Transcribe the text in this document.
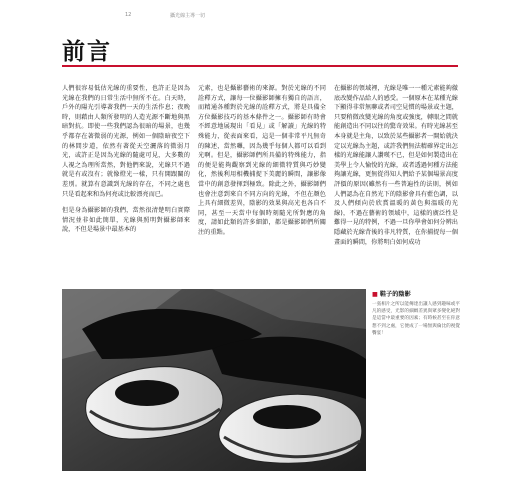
12	攝光線主導一切
前言

人們很容易低估光線的重要性，也許正是因為光線在我們的日常生活中無所不在。白天時，戶外的陽光引導著我們一天的生活作息；夜晚時，則藉由人類所發明的人造光源不斷地與黑暗對抗。即使一些我們認為很暗的場景，也幾乎都存在著微弱的光源，例如一個陰暗夜空下的林間步道，依然有著從天空灑落的微弱月光，或許正是因為光線的隨處可見，大多數的人視之為理所當然，對他們來說，光線只不過就是有或沒有；就像燈光一樣，只有開跟關的差別。就算有意識到光線的存在，不同之處也只是看起來和為何亮或比較漂亮而已。

但是身為攝影師的我們，當然很清楚明白實際情況並非如此簡單，光線與照明對攝影師來說，不但是場景中最基本的

元素，也是攝影藝術的來源。對於光線的不同詮釋方式，讓每一位攝影師擁有獨自的語言，而精通各種對於光線的詮釋方式，將是具備全方位攝影技巧的基本條件之一。攝影師有時會不經意地展現出「看見」或「解讀」光線的特殊能力，從表面來看，這是一個非常平凡無奇的陳述，當然囉，因為幾乎每個人都可以看到光啊。但是，攝影師們所具備的特殊能力，指的便是能夠觀察到光線的細微特質與巧妙變化，然後利用相機捕捉下美麗的瞬間，讓影像當中的創意發揮到極致。除此之外，攝影師們也會注意到來自不同方向的光線，不但在顏色上具有細微差異，陰影的效果與高光也各自不同，甚至一天當中每個時刻隨光所對應的角度，請如此類的許多細節，都是攝影師們所關注的重點。

在攝影的領域裡，光線是唯一一種元素能夠徹底改變作品給人的感受。一個原本在某種光線下顯得非常無聊或者司空見慣的場景或主題，只要稍微改變光線的角度或強度，轉眼之間就能創造出不同以往的驚奇效果。有時光線甚至本身就是主角，以致於某些攝影者一開始就決定以光線為主題，或許我們無法精確界定出怎樣的光線能讓人讚嘆不已，但是如何製造出在美學上令人愉悅的光線，或者透過何種方法能夠讓光線，更無從得知人們給予某個場景高度評價的原因(雖然有一些普遍性的法則，例如人們認為在自然光下的陰影會具有藍色調，以及人們傾向於欣賞溫暖的黃色與溫暖的光線)，不過在藝術的領域中，這樣的廣泛性是難得一見的特例，不過一旦你學會如何分辨出隱藏於光線背後的非凡特質，在你捕捉每一個畫面的瞬間，你將明白如何成功

■ 鞋子的陰影
一張相片之所以能傳達出讓人感到趣味或平凡的感受，光影的細緻差異與眾多變化絕對是這當中最重要的因素；有時候甚至在你意想不到之處，它便成了一場無與倫比的視覺饗宴！
